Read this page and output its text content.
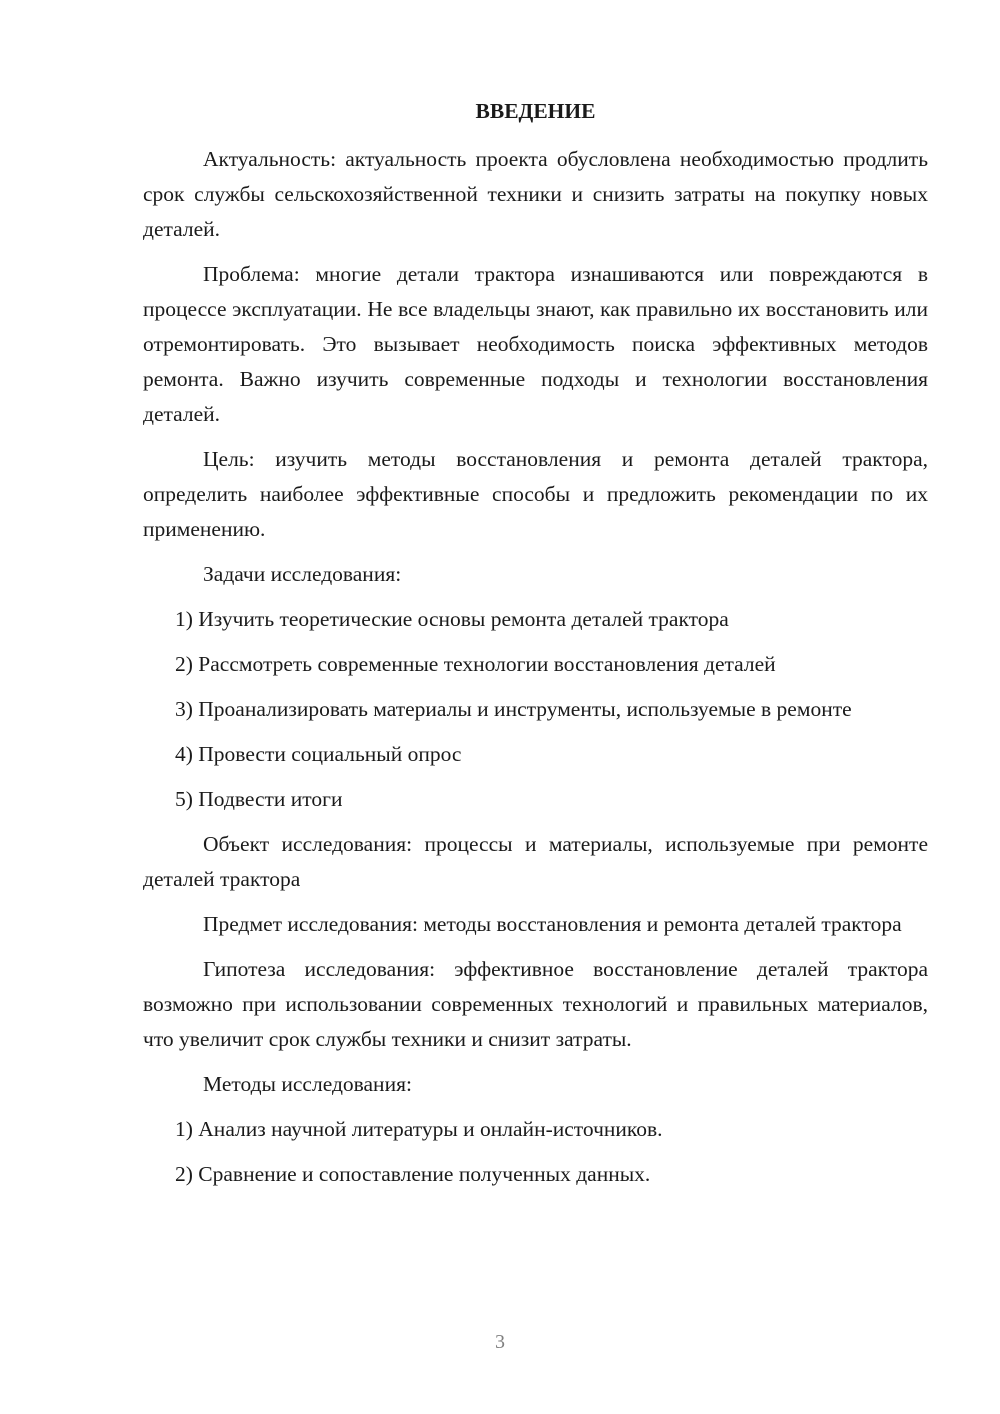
ВВЕДЕНИЕ

Актуальность: актуальность проекта обусловлена необходимостью продлить срок службы сельскохозяйственной техники и снизить затраты на покупку новых деталей.

Проблема: многие детали трактора изнашиваются или повреждаются в процессе эксплуатации. Не все владельцы знают, как правильно их восстановить или отремонтировать. Это вызывает необходимость поиска эффективных методов ремонта. Важно изучить современные подходы и технологии восстановления деталей.

Цель: изучить методы восстановления и ремонта деталей трактора, определить наиболее эффективные способы и предложить рекомендации по их применению.

Задачи исследования:

1) Изучить теоретические основы ремонта деталей трактора

2) Рассмотреть современные технологии восстановления деталей

3) Проанализировать материалы и инструменты, используемые в ремонте

4) Провести социальный опрос

5) Подвести итоги

Объект исследования: процессы и материалы, используемые при ремонте деталей трактора

Предмет исследования: методы восстановления и ремонта деталей трактора

Гипотеза исследования: эффективное восстановление деталей трактора возможно при использовании современных технологий и правильных материалов, что увеличит срок службы техники и снизит затраты.

Методы исследования:

1) Анализ научной литературы и онлайн-источников.

2) Сравнение и сопоставление полученных данных.

3
